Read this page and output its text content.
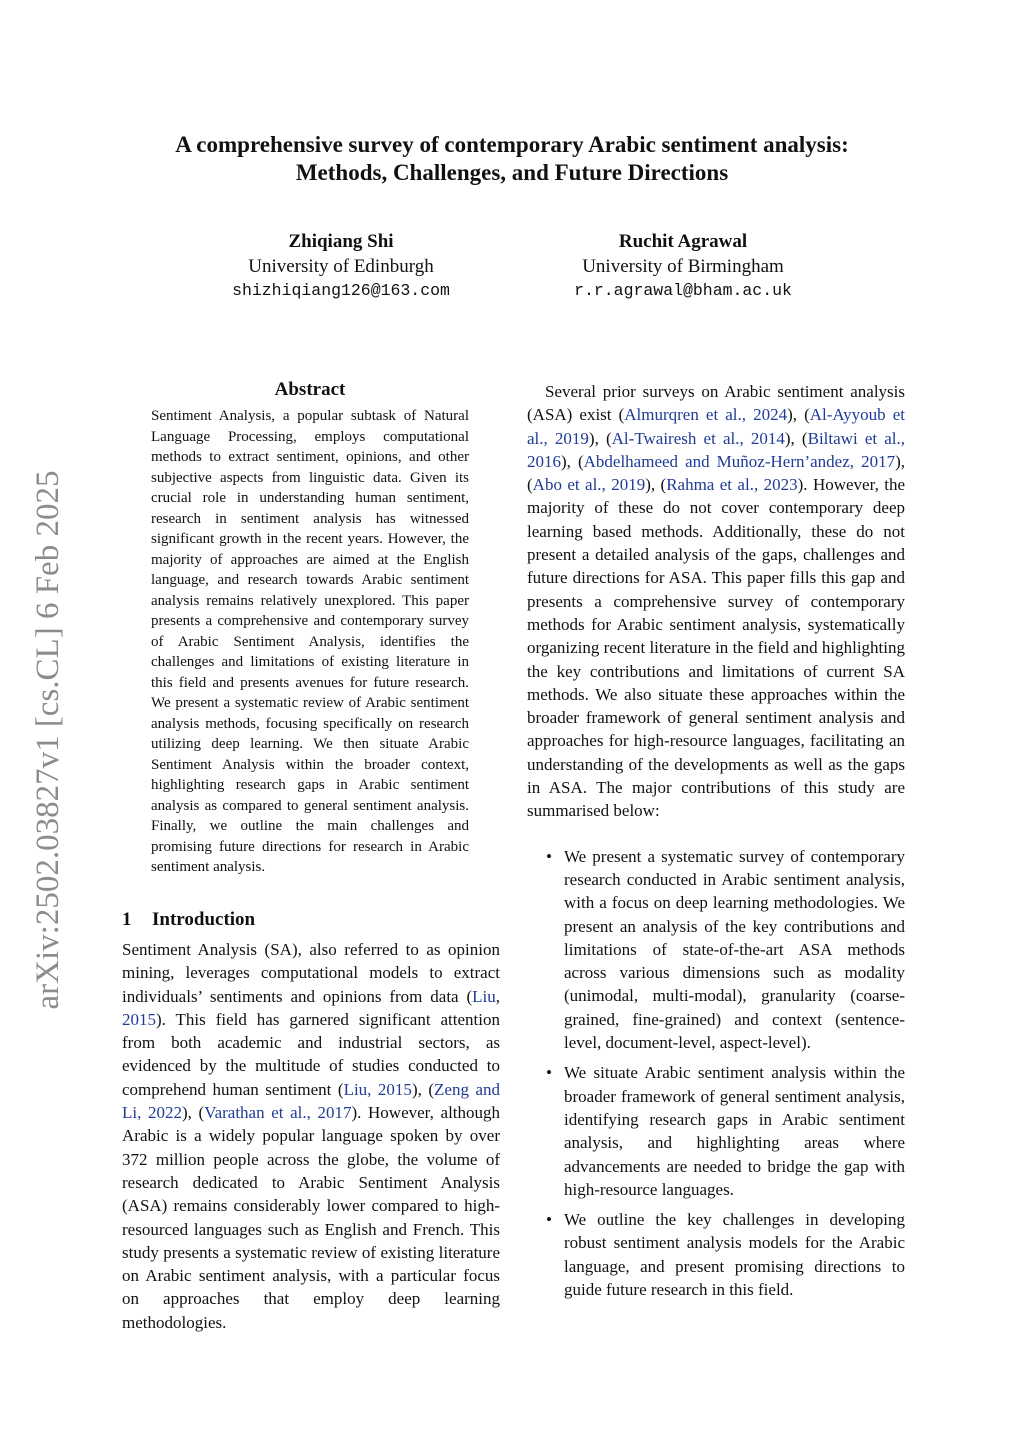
A comprehensive survey of contemporary Arabic sentiment analysis:
Methods, Challenges, and Future Directions
Zhiqiang Shi
University of Edinburgh
shizhiqiang126@163.com
Ruchit Agrawal
University of Birmingham
r.r.agrawal@bham.ac.uk
arXiv:2502.03827v1 [cs.CL] 6 Feb 2025
Abstract

Sentiment Analysis, a popular subtask of Natural Language Processing, employs computational methods to extract sentiment, opinions, and other subjective aspects from linguistic data. Given its crucial role in understanding human sentiment, research in sentiment analysis has witnessed significant growth in the recent years. However, the majority of approaches are aimed at the English language, and research towards Arabic sentiment analysis remains relatively unexplored. This paper presents a comprehensive and contemporary survey of Arabic Sentiment Analysis, identifies the challenges and limitations of existing literature in this field and presents avenues for future research. We present a systematic review of Arabic sentiment analysis methods, focusing specifically on research utilizing deep learning. We then situate Arabic Sentiment Analysis within the broader context, highlighting research gaps in Arabic sentiment analysis as compared to general sentiment analysis. Finally, we outline the main challenges and promising future directions for research in Arabic sentiment analysis.

1 Introduction

Sentiment Analysis (SA), also referred to as opinion mining, leverages computational models to extract individuals’ sentiments and opinions from data (Liu, 2015). This field has garnered significant attention from both academic and industrial sectors, as evidenced by the multitude of studies conducted to comprehend human sentiment (Liu, 2015), (Zeng and Li, 2022), (Varathan et al., 2017). However, although Arabic is a widely popular language spoken by over 372 million people across the globe, the volume of research dedicated to Arabic Sentiment Analysis (ASA) remains considerably lower compared to high-resourced languages such as English and French. This study presents a systematic review of existing literature on Arabic sentiment analysis, with a particular focus on approaches that employ deep learning methodologies.

Several prior surveys on Arabic sentiment analysis (ASA) exist (Almurqren et al., 2024), (Al-Ayyoub et al., 2019), (Al-Twairesh et al., 2014), (Biltawi et al., 2016), (Abdelhameed and Muñoz-Hern’andez, 2017), (Abo et al., 2019), (Rahma et al., 2023). However, the majority of these do not cover contemporary deep learning based methods. Additionally, these do not present a detailed analysis of the gaps, challenges and future directions for ASA. This paper fills this gap and presents a comprehensive survey of contemporary methods for Arabic sentiment analysis, systematically organizing recent literature in the field and highlighting the key contributions and limitations of current SA methods. We also situate these approaches within the broader framework of general sentiment analysis and approaches for high-resource languages, facilitating an understanding of the developments as well as the gaps in ASA. The major contributions of this study are summarised below:

• We present a systematic survey of contemporary research conducted in Arabic sentiment analysis, with a focus on deep learning methodologies. We present an analysis of the key contributions and limitations of state-of-the-art ASA methods across various dimensions such as modality (unimodal, multi-modal), granularity (coarse-grained, fine-grained) and context (sentence-level, document-level, aspect-level).
• We situate Arabic sentiment analysis within the broader framework of general sentiment analysis, identifying research gaps in Arabic sentiment analysis, and highlighting areas where advancements are needed to bridge the gap with high-resource languages.
• We outline the key challenges in developing robust sentiment analysis models for the Arabic language, and present promising directions to guide future research in this field.
